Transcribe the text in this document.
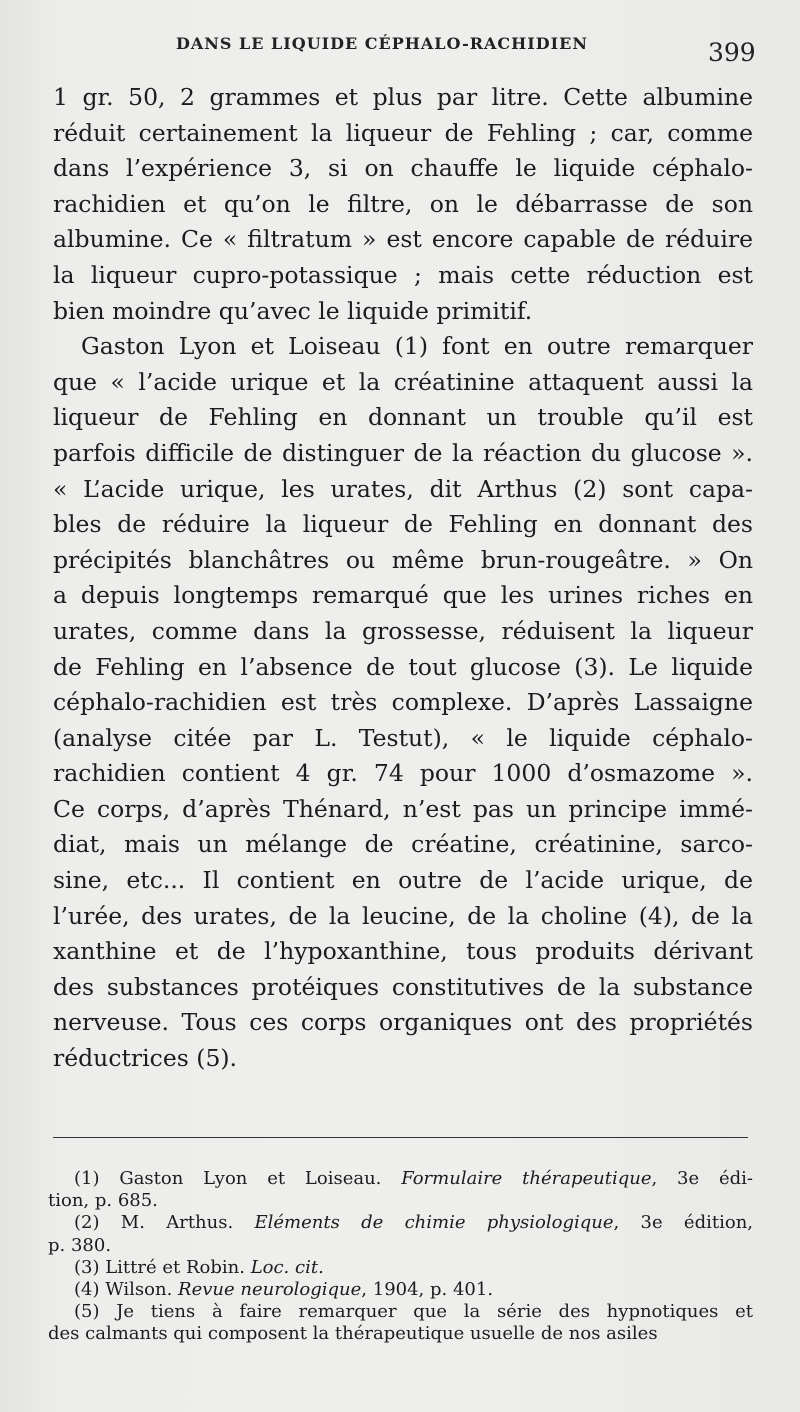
DANS LE LIQUIDE CÉPHALO-RACHIDIEN	399
1 gr. 50, 2 grammes et plus par litre. Cette albumine
réduit certainement la liqueur de Fehling ; car, comme
dans l’expérience 3, si on chauffe le liquide céphalo-
rachidien et qu’on le filtre, on le débarrasse de son
albumine. Ce « filtratum » est encore capable de réduire
la liqueur cupro-potassique ; mais cette réduction est
bien moindre qu’avec le liquide primitif.
Gaston Lyon et Loiseau (1) font en outre remarquer
que « l’acide urique et la créatinine attaquent aussi la
liqueur de Fehling en donnant un trouble qu’il est
parfois difficile de distinguer de la réaction du glucose ».
« L’acide urique, les urates, dit Arthus (2) sont capa-
bles de réduire la liqueur de Fehling en donnant des
précipités blanchâtres ou même brun-rougeâtre. » On
a depuis longtemps remarqué que les urines riches en
urates, comme dans la grossesse, réduisent la liqueur
de Fehling en l’absence de tout glucose (3). Le liquide
céphalo-rachidien est très complexe. D’après Lassaigne
(analyse citée par L. Testut), « le liquide céphalo-
rachidien contient 4 gr. 74 pour 1000 d’osmazome ».
Ce corps, d’après Thénard, n’est pas un principe immé-
diat, mais un mélange de créatine, créatinine, sarco-
sine, etc... Il contient en outre de l’acide urique, de
l’urée, des urates, de la leucine, de la choline (4), de la
xanthine et de l’hypoxanthine, tous produits dérivant
des substances protéiques constitutives de la substance
nerveuse. Tous ces corps organiques ont des propriétés
réductrices (5).
(1) Gaston Lyon et Loiseau. Formulaire thérapeutique, 3e édi-
tion, p. 685.
(2) M. Arthus. Eléments de chimie physiologique, 3e édition,
p. 380.
(3) Littré et Robin. Loc. cit.
(4) Wilson. Revue neurologique, 1904, p. 401.
(5) Je tiens à faire remarquer que la série des hypnotiques et
des calmants qui composent la thérapeutique usuelle de nos asiles
